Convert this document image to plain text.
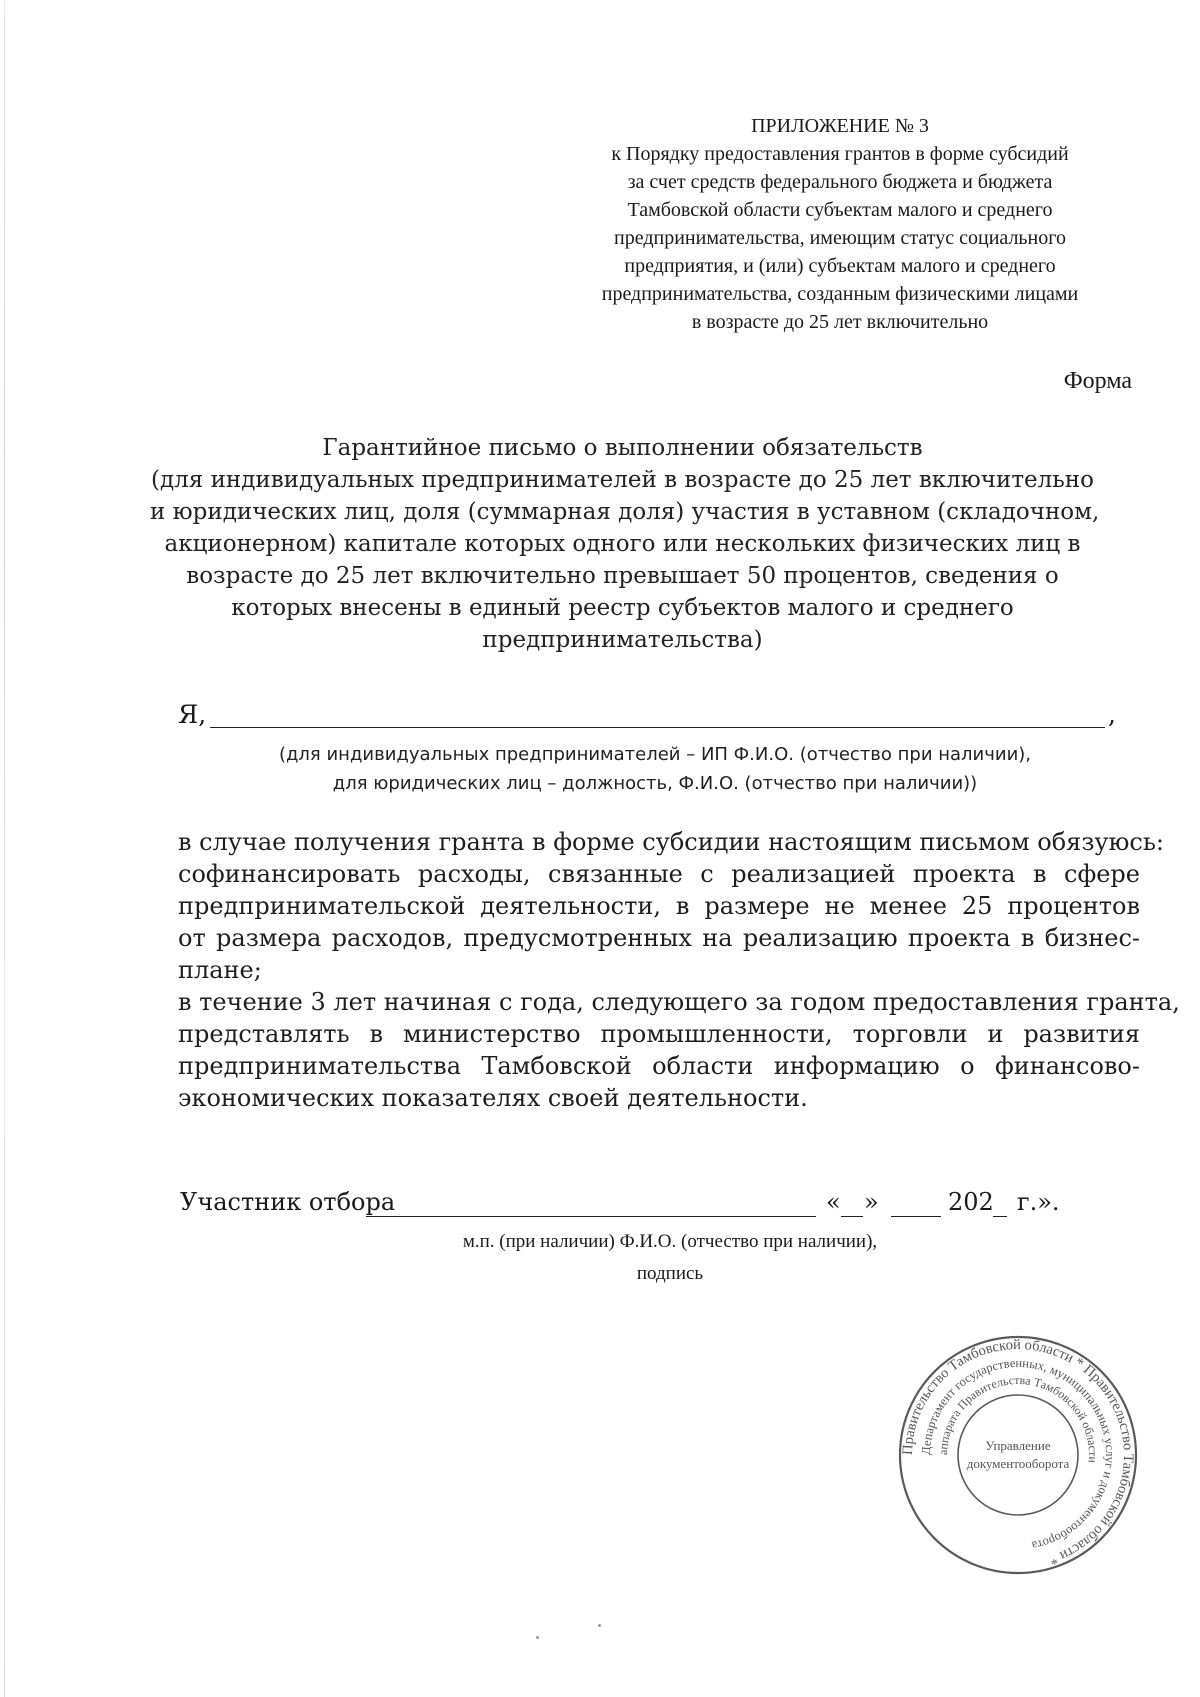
ПРИЛОЖЕНИЕ № 3
к Порядку предоставления грантов в форме субсидий
за счет средств федерального бюджета и бюджета
Тамбовской области субъектам малого и среднего
предпринимательства, имеющим статус социального
предприятия, и (или) субъектам малого и среднего
предпринимательства, созданным физическими лицами
в возрасте до 25 лет включительно
Форма
Гарантийное письмо о выполнении обязательств
(для индивидуальных предпринимателей в возрасте до 25 лет включительно
и юридических лиц, доля (суммарная доля) участия в уставном (складочном,
акционерном) капитале которых одного или нескольких физических лиц в
возрасте до 25 лет включительно превышает 50 процентов, сведения о
которых внесены в единый реестр субъектов малого и среднего
предпринимательства)
Я,	,
(для индивидуальных предпринимателей – ИП Ф.И.О. (отчество при наличии),
для юридических лиц – должность, Ф.И.О. (отчество при наличии))
в случае получения гранта в форме субсидии настоящим письмом обязуюсь:
софинансировать расходы, связанные с реализацией проекта в сфере
предпринимательской деятельности, в размере не менее 25 процентов
от размера расходов, предусмотренных на реализацию проекта в бизнес-
плане;
в течение 3 лет начиная с года, следующего за годом предоставления гранта,
представлять в министерство промышленности, торговли и развития
предпринимательства Тамбовской области информацию о финансово-
экономических показателях своей деятельности.
Участник отбора	« »	202 г.».
м.п. (при наличии) Ф.И.О. (отчество при наличии),
подпись
Правительство Тамбовской области * Правительство Тамбовской области *
Департамент государственных, муниципальных услуг и документооборота
аппарата Правительства Тамбовской области
Управление
документооборота
